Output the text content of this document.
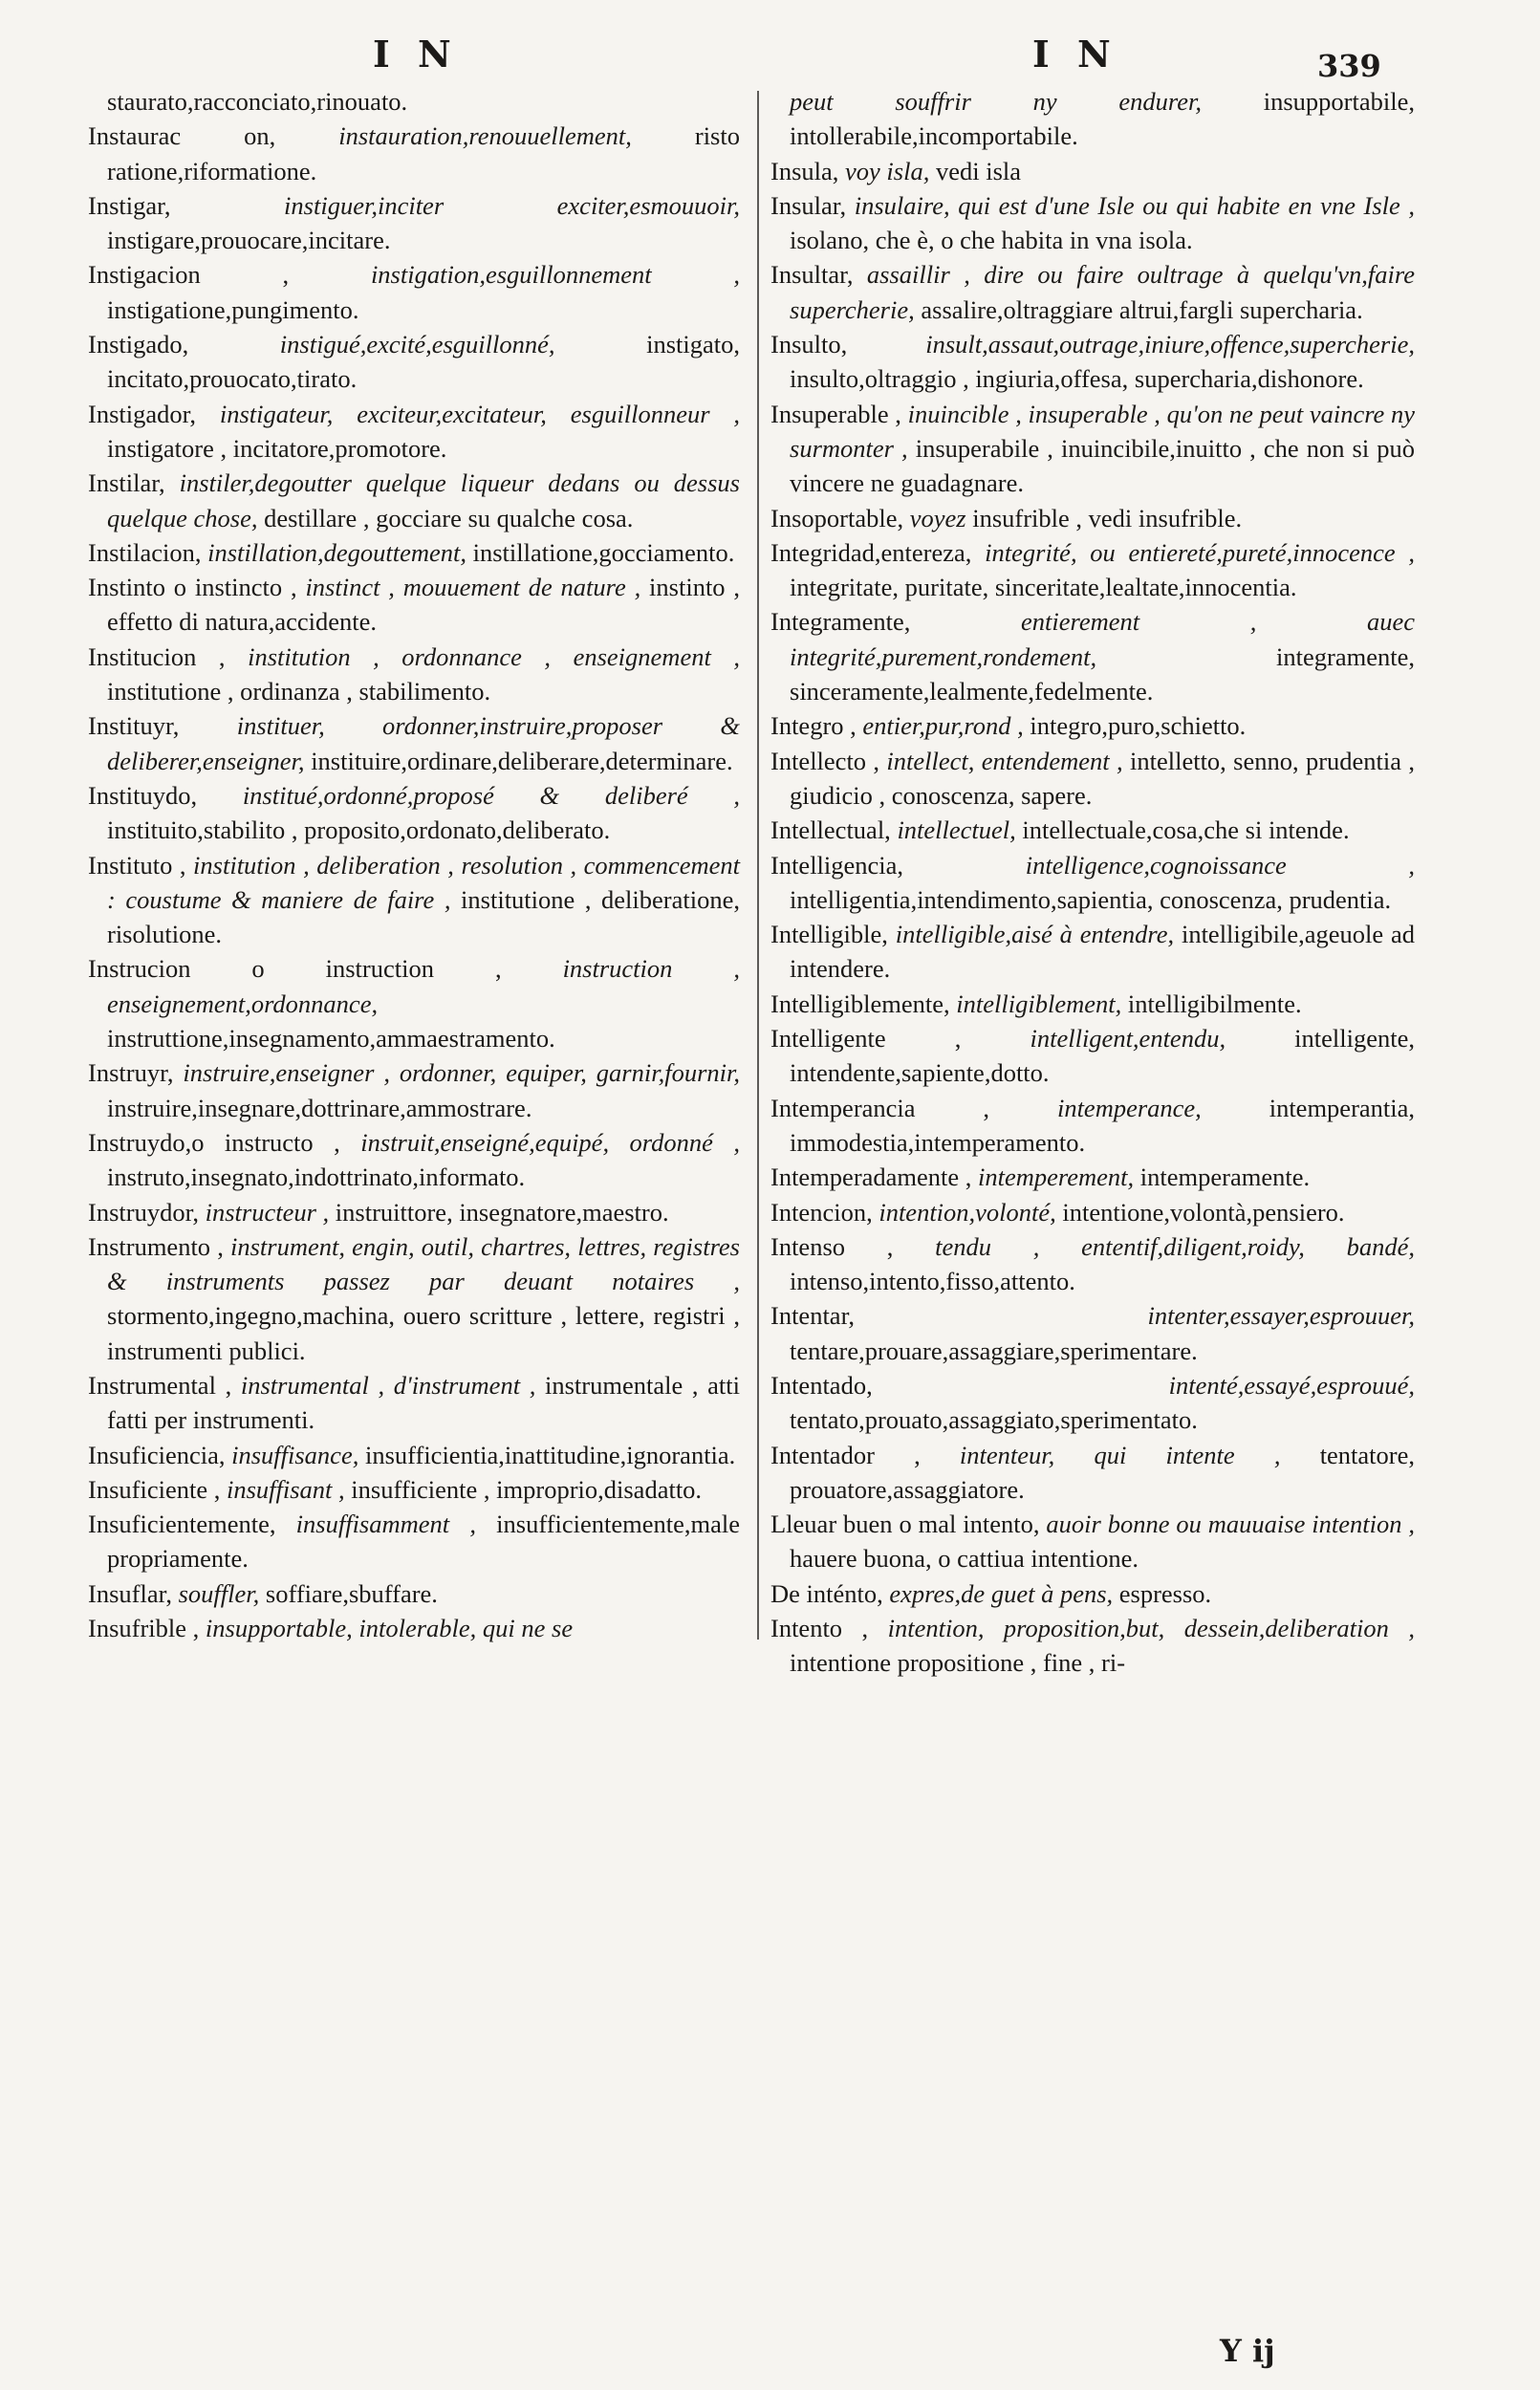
I N	I N	339

staurato,racconciato,rinouato.

Instaurac on, instauration,renouuellement, risto ratione,riformatione.

Instigar,	instiguer,inciter exciter,esmouuoir, instigare,prouocare,incitare.

Instigacion ,	instigation,esguillonnement , instigatione,pungimento.

Instigado,	instigué,excité,esguillonné,	instigato, incitato,prouocato,tirato.

Instigador, instigateur, exciteur,excitateur, esguillonneur , instigatore , incitatore,promotore.

Instilar, instiler,degoutter quelque liqueur dedans ou dessus quelque chose, destillare , gocciare su qualche cosa.

Instilacion, instillation,degouttement, instillatione,gocciamento.

Instinto o instincto , instinct , mouuement de nature , instinto , effetto di natura,accidente.

Institucion , institution , ordonnance , enseignement , institutione , ordinanza , stabilimento.

Instituyr, instituer, ordonner,instruire,proposer & deliberer,enseigner, instituire,ordinare,deliberare,determinare.

Instituydo, institué,ordonné,proposé & deliberé , instituito,stabilito , proposito,ordonato,deliberato.

Instituto , institution , deliberation , resolution , commencement : coustume & maniere de faire , institutione , deliberatione, risolutione.

Instrucion o instruction , instruction , enseignement,ordonnance, instruttione,insegnamento,ammaestramento.

Instruyr, instruire,enseigner , ordonner, equiper, garnir,fournir, instruire,insegnare,dottrinare,ammostrare.

Instruydo,o instructo , instruit,enseigné,equipé, ordonné , instruto,insegnato,indottrinato,informato.

Instruydor, instructeur , instruittore, insegnatore,maestro.

Instrumento , instrument, engin, outil, chartres, lettres, registres & instruments passez par deuant notaires , stormento,ingegno,machina, ouero scritture , lettere, registri , instrumenti publici.

Instrumental , instrumental , d'instrument , instrumentale , atti fatti per instrumenti.

Insuficiencia, insuffisance, insufficientia,inattitudine,ignorantia.

Insuficiente , insuffisant , insufficiente , improprio,disadatto.

Insuficientemente, insuffisamment , insufficientemente,male propriamente.

Insuflar, souffler, soffiare,sbuffare.

Insufrible , insupportable, intolerable, qui ne se

peut souffrir ny endurer, insupportabile, intollerabile,incomportabile.

Insula, voy isla, vedi isla

Insular, insulaire, qui est d'une Isle ou qui habite en vne Isle , isolano, che è, o che habita in vna isola.

Insultar, assaillir , dire ou faire oultrage à quelqu'vn,faire supercherie, assalire,oltraggiare altrui,fargli supercharia.

Insulto,	insult,assaut,outrage,iniure,offence,supercherie, insulto,oltraggio , ingiuria,offesa, supercharia,dishonore.

Insuperable , inuincible , insuperable , qu'on ne peut vaincre ny surmonter , insuperabile , inuincibile,inuitto , che non si può vincere ne guadagnare.

Insoportable, voyez insufrible , vedi insufrible.

Integridad,entereza, integrité, ou entiereté,pureté,innocence , integritate, puritate, sinceritate,lealtate,innocentia.

Integramente,	entierement , auec integrité,purement,rondement,	integramente, sinceramente,lealmente,fedelmente.

Integro , entier,pur,rond , integro,puro,schietto.

Intellecto , intellect, entendement , intelletto, senno, prudentia , giudicio , conoscenza, sapere.

Intellectual, intellectuel, intellectuale,cosa,che si intende.

Intelligencia,	intelligence,cognoissance , intelligentia,intendimento,sapientia, conoscenza, prudentia.

Intelligible, intelligible,aisé à entendre, intelligibile,ageuole ad intendere.

Intelligiblemente, intelligiblement, intelligibilmente.

Intelligente ,	intelligent,entendu,	intelligente, intendente,sapiente,dotto.

Intemperancia ,	intemperance,	intemperantia, immodestia,intemperamento.

Intemperadamente , intemperement, intemperamente.

Intencion, intention,volonté, intentione,volontà,pensiero.

Intenso , tendu , ententif,diligent,roidy, bandé, intenso,intento,fisso,attento.

Intentar,	intenter,essayer,esprouuer, tentare,prouare,assaggiare,sperimentare.

Intentado,	intenté,essayé,esprouué, tentato,prouato,assaggiato,sperimentato.

Intentador , intenteur, qui intente , tentatore, prouatore,assaggiatore.

Lleuar buen o mal intento, auoir bonne ou mauuaise intention , hauere buona, o cattiua intentione.

De inténto, expres,de guet à pens, espresso.

Intento , intention, proposition,but, dessein,deliberation , intentione propositione , fine , ri-

Y ij
